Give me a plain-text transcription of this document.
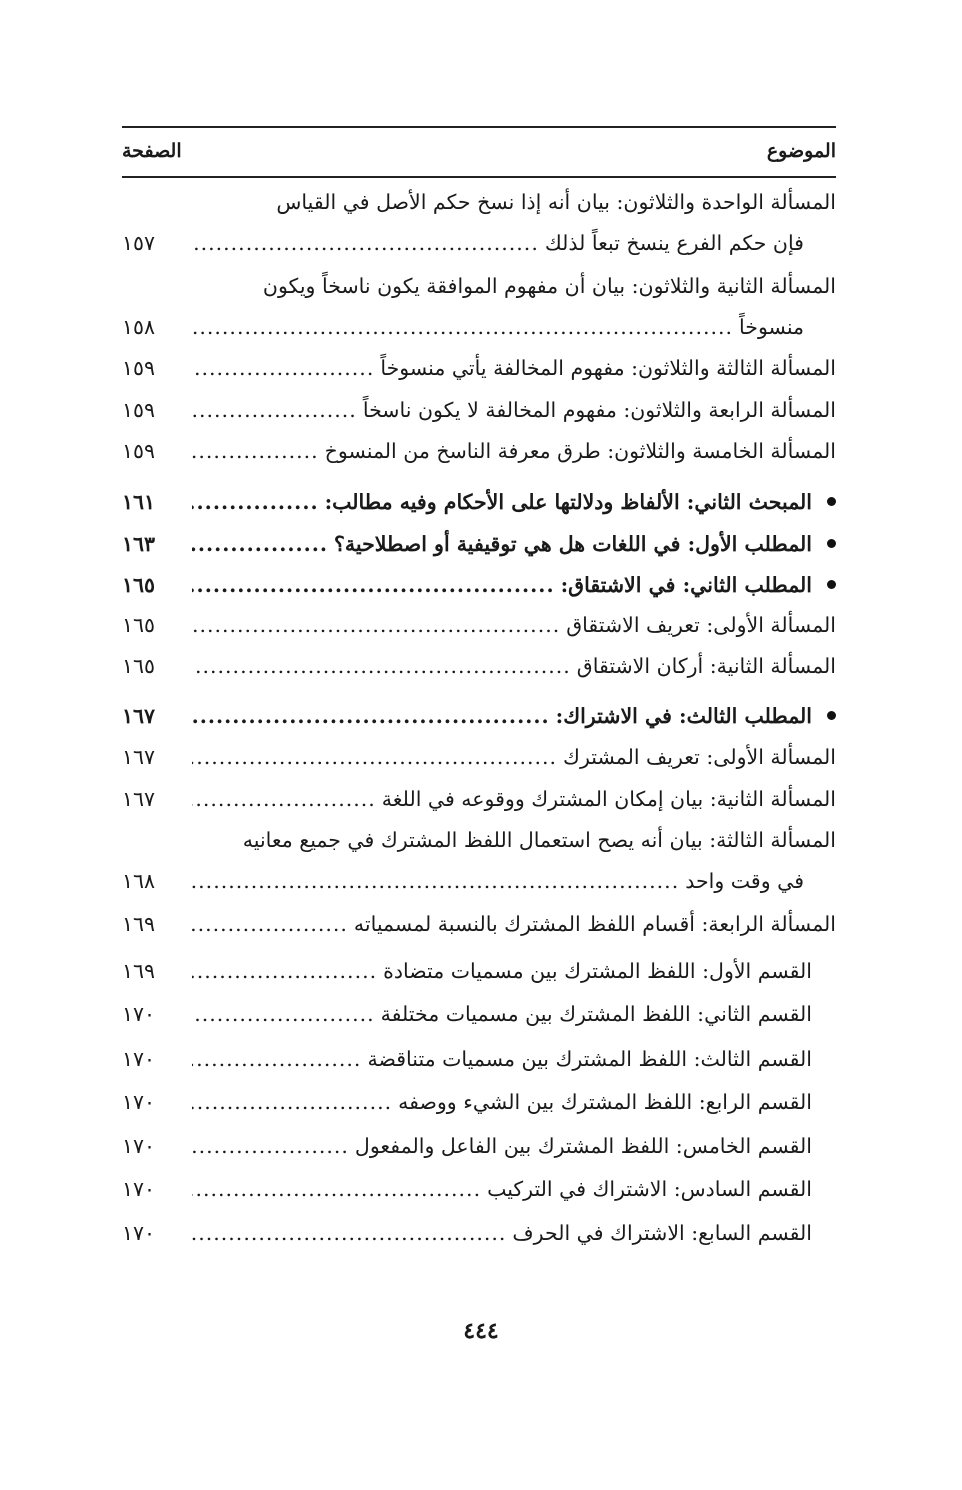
الموضوع
الصفحة
المسألة الواحدة والثلاثون: بيان أنه إذا نسخ حكم الأصل في القياس
فإن حكم الفرع ينسخ تبعاً لذلك
.....
١٥٧
المسألة الثانية والثلاثون: بيان أن مفهوم الموافقة يكون ناسخاً ويكون
منسوخاً
.....
١٥٨
المسألة الثالثة والثلاثون: مفهوم المخالفة يأتي منسوخاً
.....
١٥٩
المسألة الرابعة والثلاثون: مفهوم المخالفة لا يكون ناسخاً
.....
١٥٩
المسألة الخامسة والثلاثون: طرق معرفة الناسخ من المنسوخ
.....
١٥٩
المبحث الثاني: الألفاظ ودلالتها على الأحكام وفيه مطالب:
.....
١٦١
المطلب الأول: في اللغات هل هي توقيفية أو اصطلاحية؟
.....
١٦٣
المطلب الثاني: في الاشتقاق:
.....
١٦٥
المسألة الأولى: تعريف الاشتقاق
.....
١٦٥
المسألة الثانية: أركان الاشتقاق
.....
١٦٥
المطلب الثالث: في الاشتراك:
.....
١٦٧
المسألة الأولى: تعريف المشترك
.....
١٦٧
المسألة الثانية: بيان إمكان المشترك ووقوعه في اللغة
.....
١٦٧
المسألة الثالثة: بيان أنه يصح استعمال اللفظ المشترك في جميع معانيه
في وقت واحد
.....
١٦٨
المسألة الرابعة: أقسام اللفظ المشترك بالنسبة لمسمياته
.....
١٦٩
القسم الأول: اللفظ المشترك بين مسميات متضادة
.....
١٦٩
القسم الثاني: اللفظ المشترك بين مسميات مختلفة
.....
١٧٠
القسم الثالث: اللفظ المشترك بين مسميات متناقضة
.....
١٧٠
القسم الرابع: اللفظ المشترك بين الشيء ووصفه
.....
١٧٠
القسم الخامس: اللفظ المشترك بين الفاعل والمفعول
.....
١٧٠
القسم السادس: الاشتراك في التركيب
.....
١٧٠
القسم السابع: الاشتراك في الحرف
.....
١٧٠
٤٤٤
